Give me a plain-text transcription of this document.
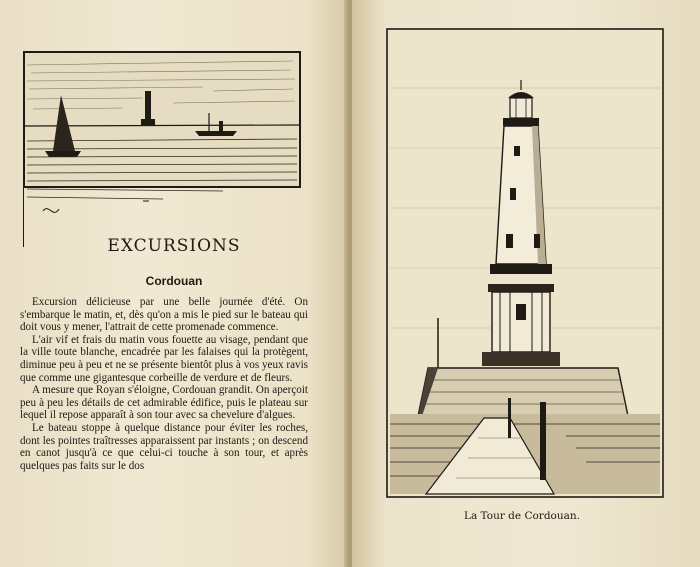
EXCURSIONS
Cordouan

Excursion délicieuse par une belle journée d'été. On s'embarque le matin, et, dès qu'on a mis le pied sur le bateau qui doit vous y mener, l'attrait de cette promenade commence.

L'air vif et frais du matin vous fouette au visage, pendant que la ville toute blanche, encadrée par les falaises qui la protègent, diminue peu à peu et ne se présente bientôt plus à vos yeux ravis que comme une gigantesque corbeille de verdure et de fleurs.

A mesure que Royan s'éloigne, Cordouan grandit. On aperçoit peu à peu les détails de cet admirable édifice, puis le plateau sur lequel il repose apparaît à son tour avec sa chevelure d'algues.

Le bateau stoppe à quelque distance pour éviter les roches, dont les pointes traîtresses apparaissent par instants ; on descend en canot jusqu'à ce que celui-ci touche à son tour, et après quelques pas faits sur le dos

La Tour de Cordouan.
